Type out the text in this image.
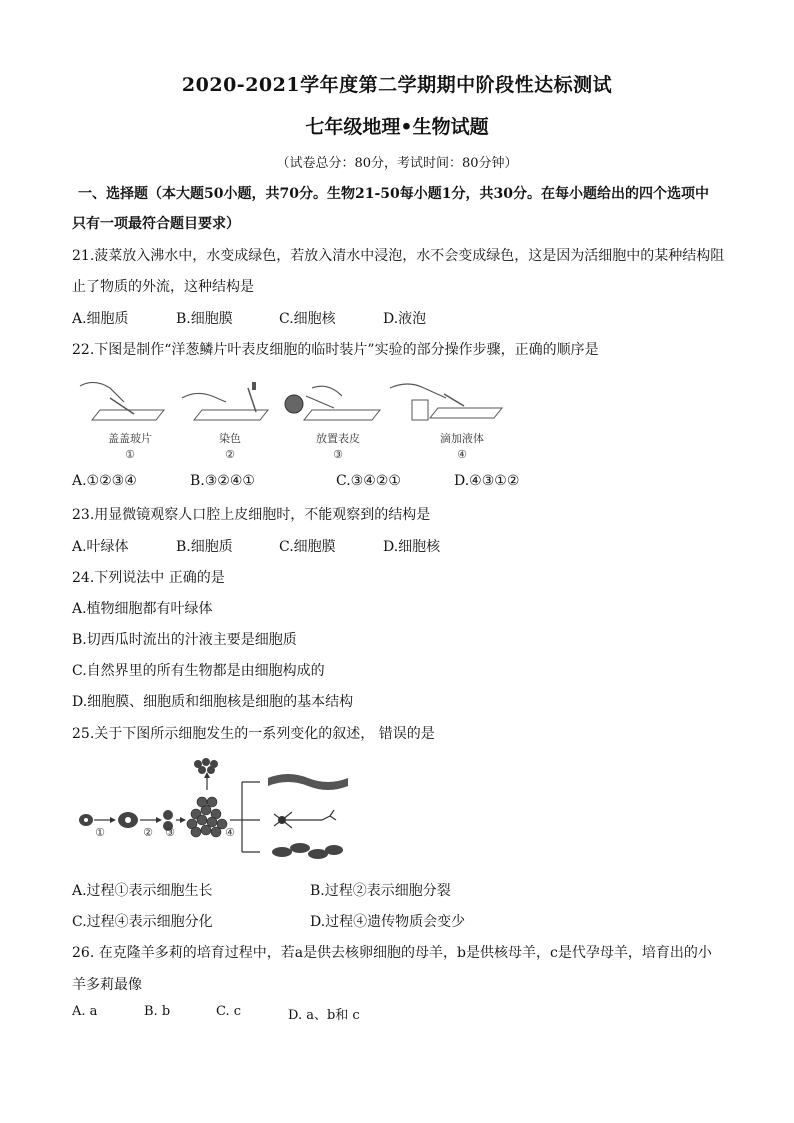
2020-2021学年度第二学期期中阶段性达标测试
七年级地理•生物试题
（试卷总分：80分，考试时间：80分钟）
一、选择题（本大题50小题，共70分。生物21-50每小题1分，共30分。在每小题给出的四个选项中
只有一项最符合题目要求）
21.菠菜放入沸水中，水变成绿色，若放入清水中浸泡，水不会变成绿色，这是因为活细胞中的某种结构阻
止了物质的外流，这种结构是
A.细胞质	B.细胞膜	C.细胞核	D.液泡
22.下图是制作“洋葱鳞片叶表皮细胞的临时装片”实验的部分操作步骤，正确的顺序是
盖盖玻片
①
染色
②
放置表皮
③
滴加液体
④
A.①②③④	B.③②④①	C.③④②①	D.④③①②
23.用显微镜观察人口腔上皮细胞时，不能观察到的结构是
A.叶绿体	B.细胞质	C.细胞膜	D.细胞核
24.下列说法中 正确的是
A.植物细胞都有叶绿体
B.切西瓜时流出的汁液主要是细胞质
C.自然界里的所有生物都是由细胞构成的
D.细胞膜、细胞质和细胞核是细胞的基本结构
25.关于下图所示细胞发生的一系列变化的叙述， 错误的是
①	② ③	④
A.过程①表示细胞生长	B.过程②表示细胞分裂
C.过程④表示细胞分化	D.过程④遗传物质会变少
26. 在克隆羊多莉的培育过程中，若a是供去核卵细胞的母羊，b是供核母羊，c是代孕母羊，培育出的小
羊多莉最像
A. a	B. b	C. c	D. a、b和 c
